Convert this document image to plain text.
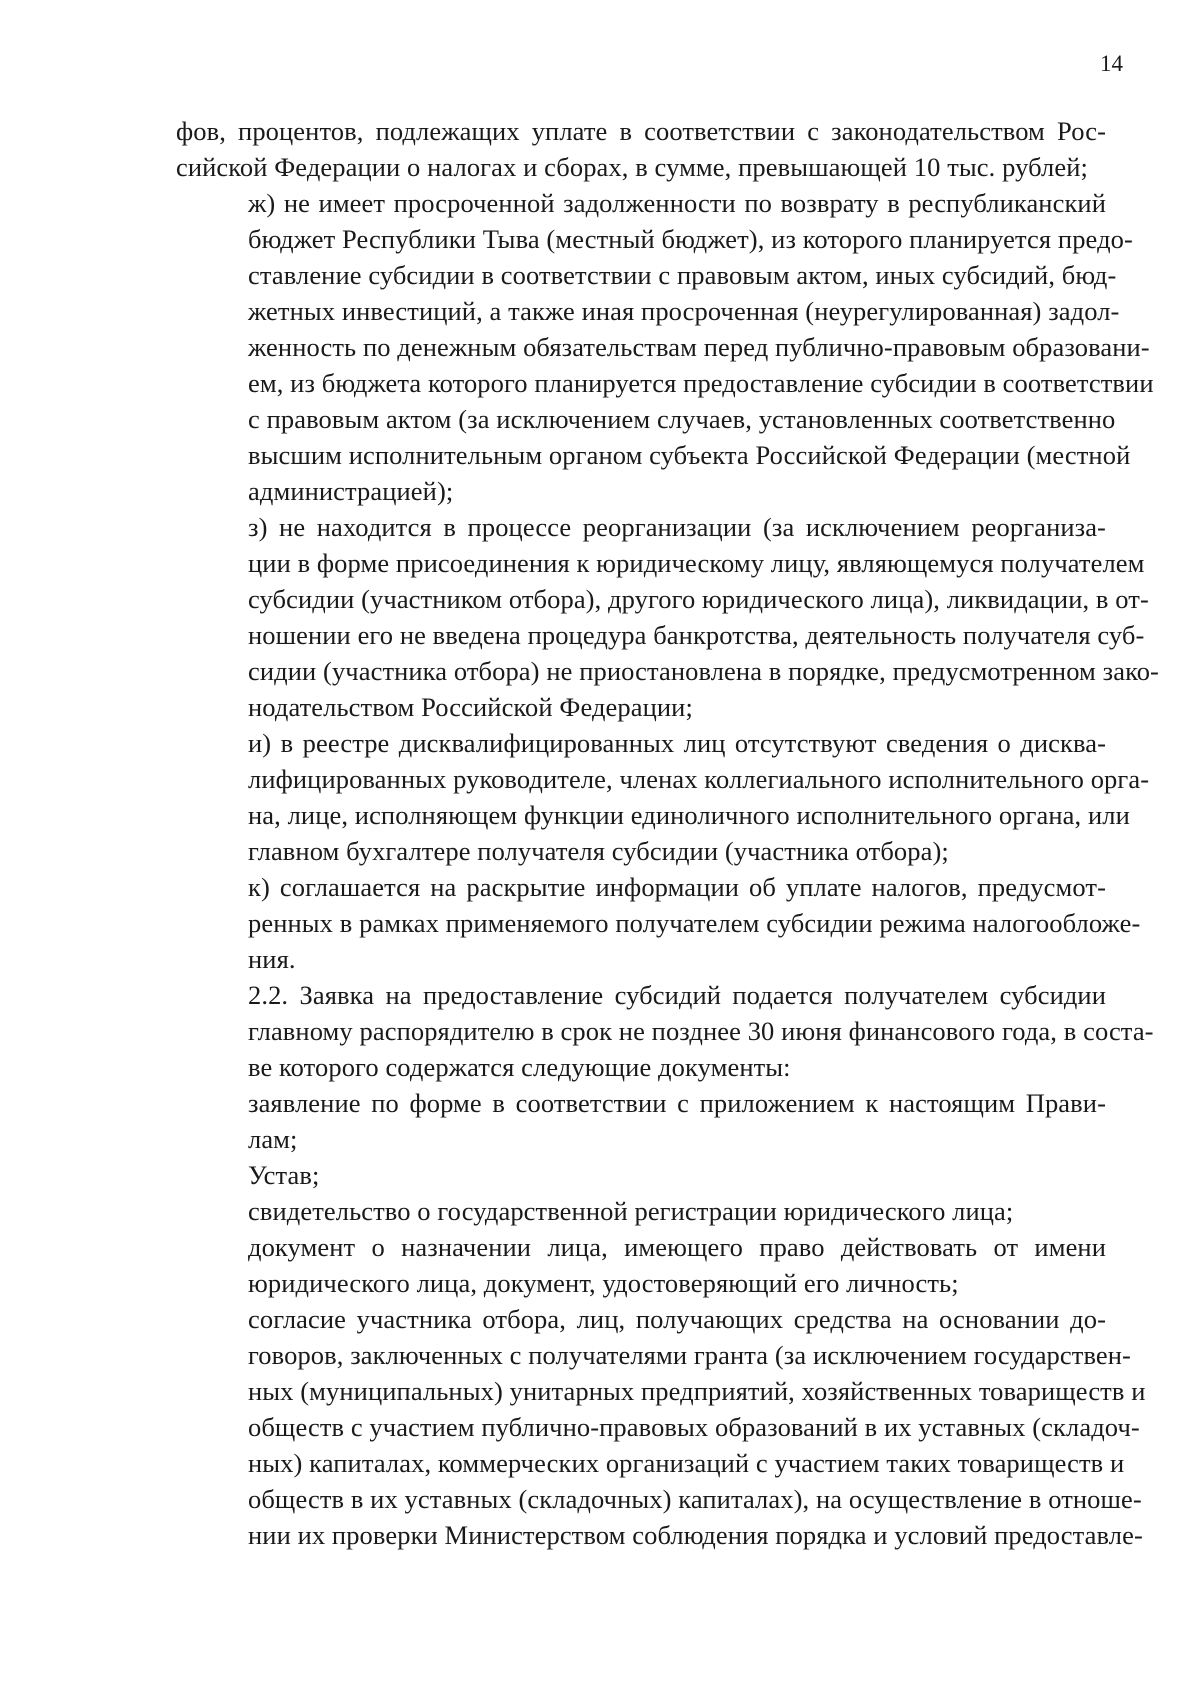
14

фов, процентов, подлежащих уплате в соответствии с законодательством Рос-
сийской Федерации о налогах и сборах, в сумме, превышающей 10 тыс. рублей;

ж) не имеет просроченной задолженности по возврату в республиканский
бюджет Республики Тыва (местный бюджет), из которого планируется предо-
ставление субсидии в соответствии с правовым актом, иных субсидий, бюд-
жетных инвестиций, а также иная просроченная (неурегулированная) задол-
женность по денежным обязательствам перед публично-правовым образовани-
ем, из бюджета которого планируется предоставление субсидии в соответствии
с правовым актом (за исключением случаев, установленных соответственно
высшим исполнительным органом субъекта Российской Федерации (местной
администрацией);

з) не находится в процессе реорганизации (за исключением реорганиза-
ции в форме присоединения к юридическому лицу, являющемуся получателем
субсидии (участником отбора), другого юридического лица), ликвидации, в от-
ношении его не введена процедура банкротства, деятельность получателя суб-
сидии (участника отбора) не приостановлена в порядке, предусмотренном зако-
нодательством Российской Федерации;

и) в реестре дисквалифицированных лиц отсутствуют сведения о дисква-
лифицированных руководителе, членах коллегиального исполнительного орга-
на, лице, исполняющем функции единоличного исполнительного органа, или
главном бухгалтере получателя субсидии (участника отбора);

к) соглашается на раскрытие информации об уплате налогов, предусмот-
ренных в рамках применяемого получателем субсидии режима налогообложе-
ния.

2.2. Заявка на предоставление субсидий подается получателем субсидии
главному распорядителю в срок не позднее 30 июня финансового года, в соста-
ве которого содержатся следующие документы:

заявление по форме в соответствии с приложением к настоящим Прави-
лам;

Устав;

свидетельство о государственной регистрации юридического лица;

документ о назначении лица, имеющего право действовать от имени
юридического лица, документ, удостоверяющий его личность;

согласие участника отбора, лиц, получающих средства на основании до-
говоров, заключенных с получателями гранта (за исключением государствен-
ных (муниципальных) унитарных предприятий, хозяйственных товариществ и
обществ с участием публично-правовых образований в их уставных (складоч-
ных) капиталах, коммерческих организаций с участием таких товариществ и
обществ в их уставных (складочных) капиталах), на осуществление в отноше-
нии их проверки Министерством соблюдения порядка и условий предоставле-
